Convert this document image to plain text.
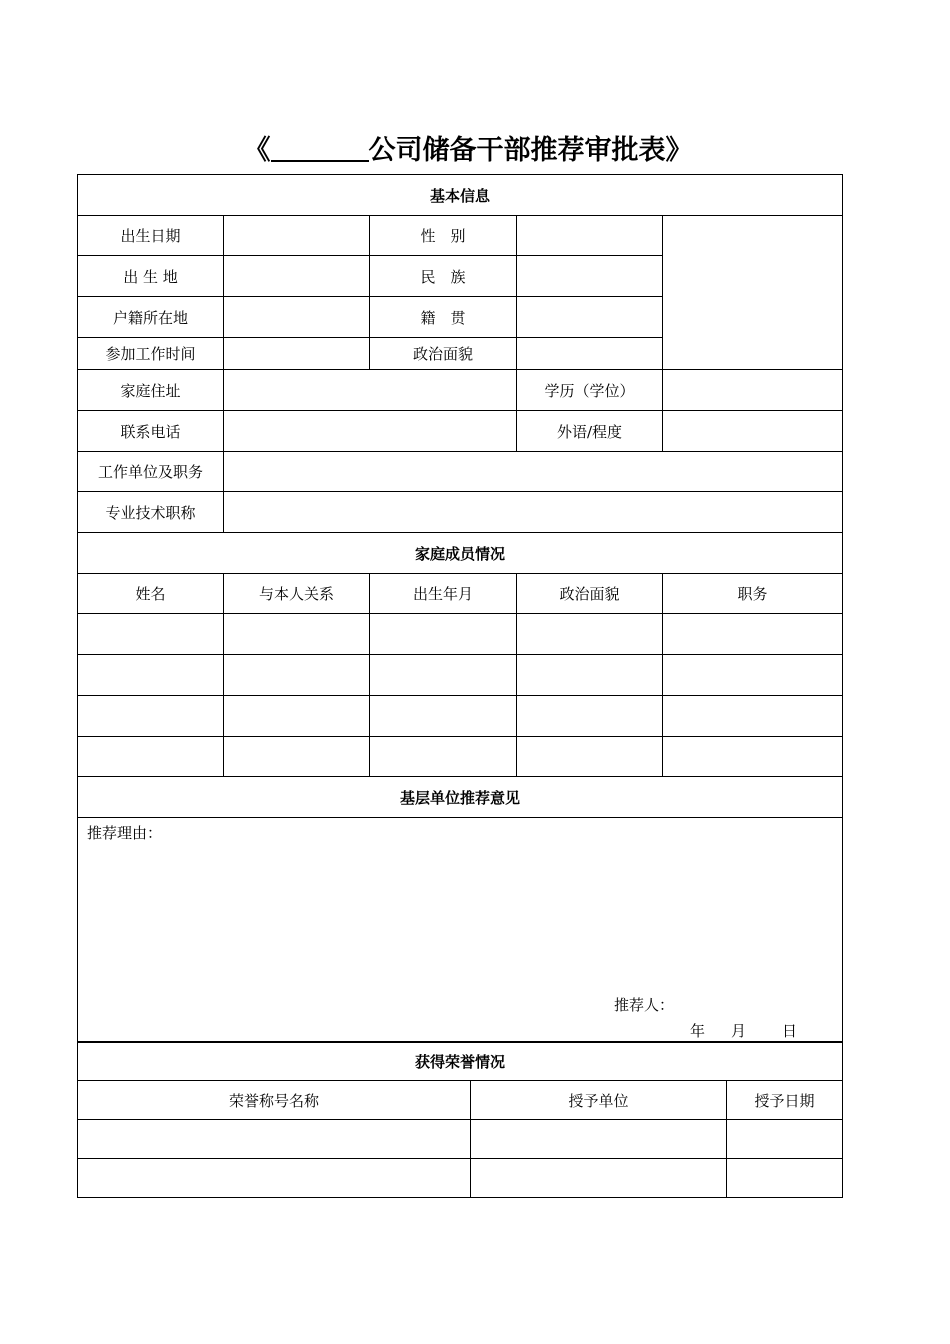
《	公司储备干部推荐审批表》
基本信息				
出生日期		性　别		
出 生 地		民　族		
户籍所在地		籍　贯		
参加工作时间		政治面貌		
家庭住址			学历（学位）	
联系电话			外语/程度	
工作单位及职务				
专业技术职称				
家庭成员情况				
姓名	与本人关系	出生年月	政治面貌	职务

基层单位推荐意见				

推荐理由：
推荐人：
年 月 日				
获得荣誉情况		
荣誉称号名称	授予单位	授予日期
